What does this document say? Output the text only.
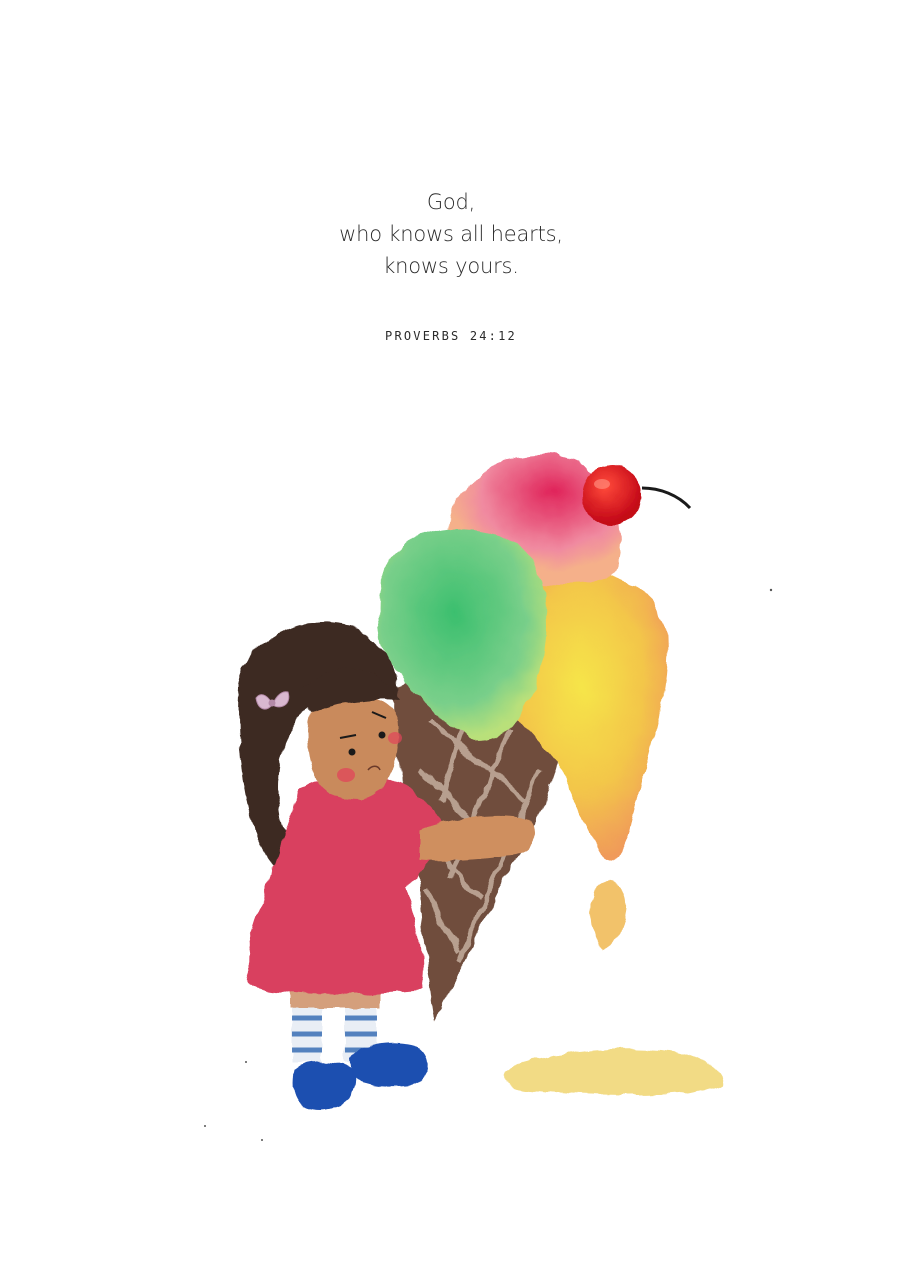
God,
who knows all hearts,
knows yours.
PROVERBS 24:12
